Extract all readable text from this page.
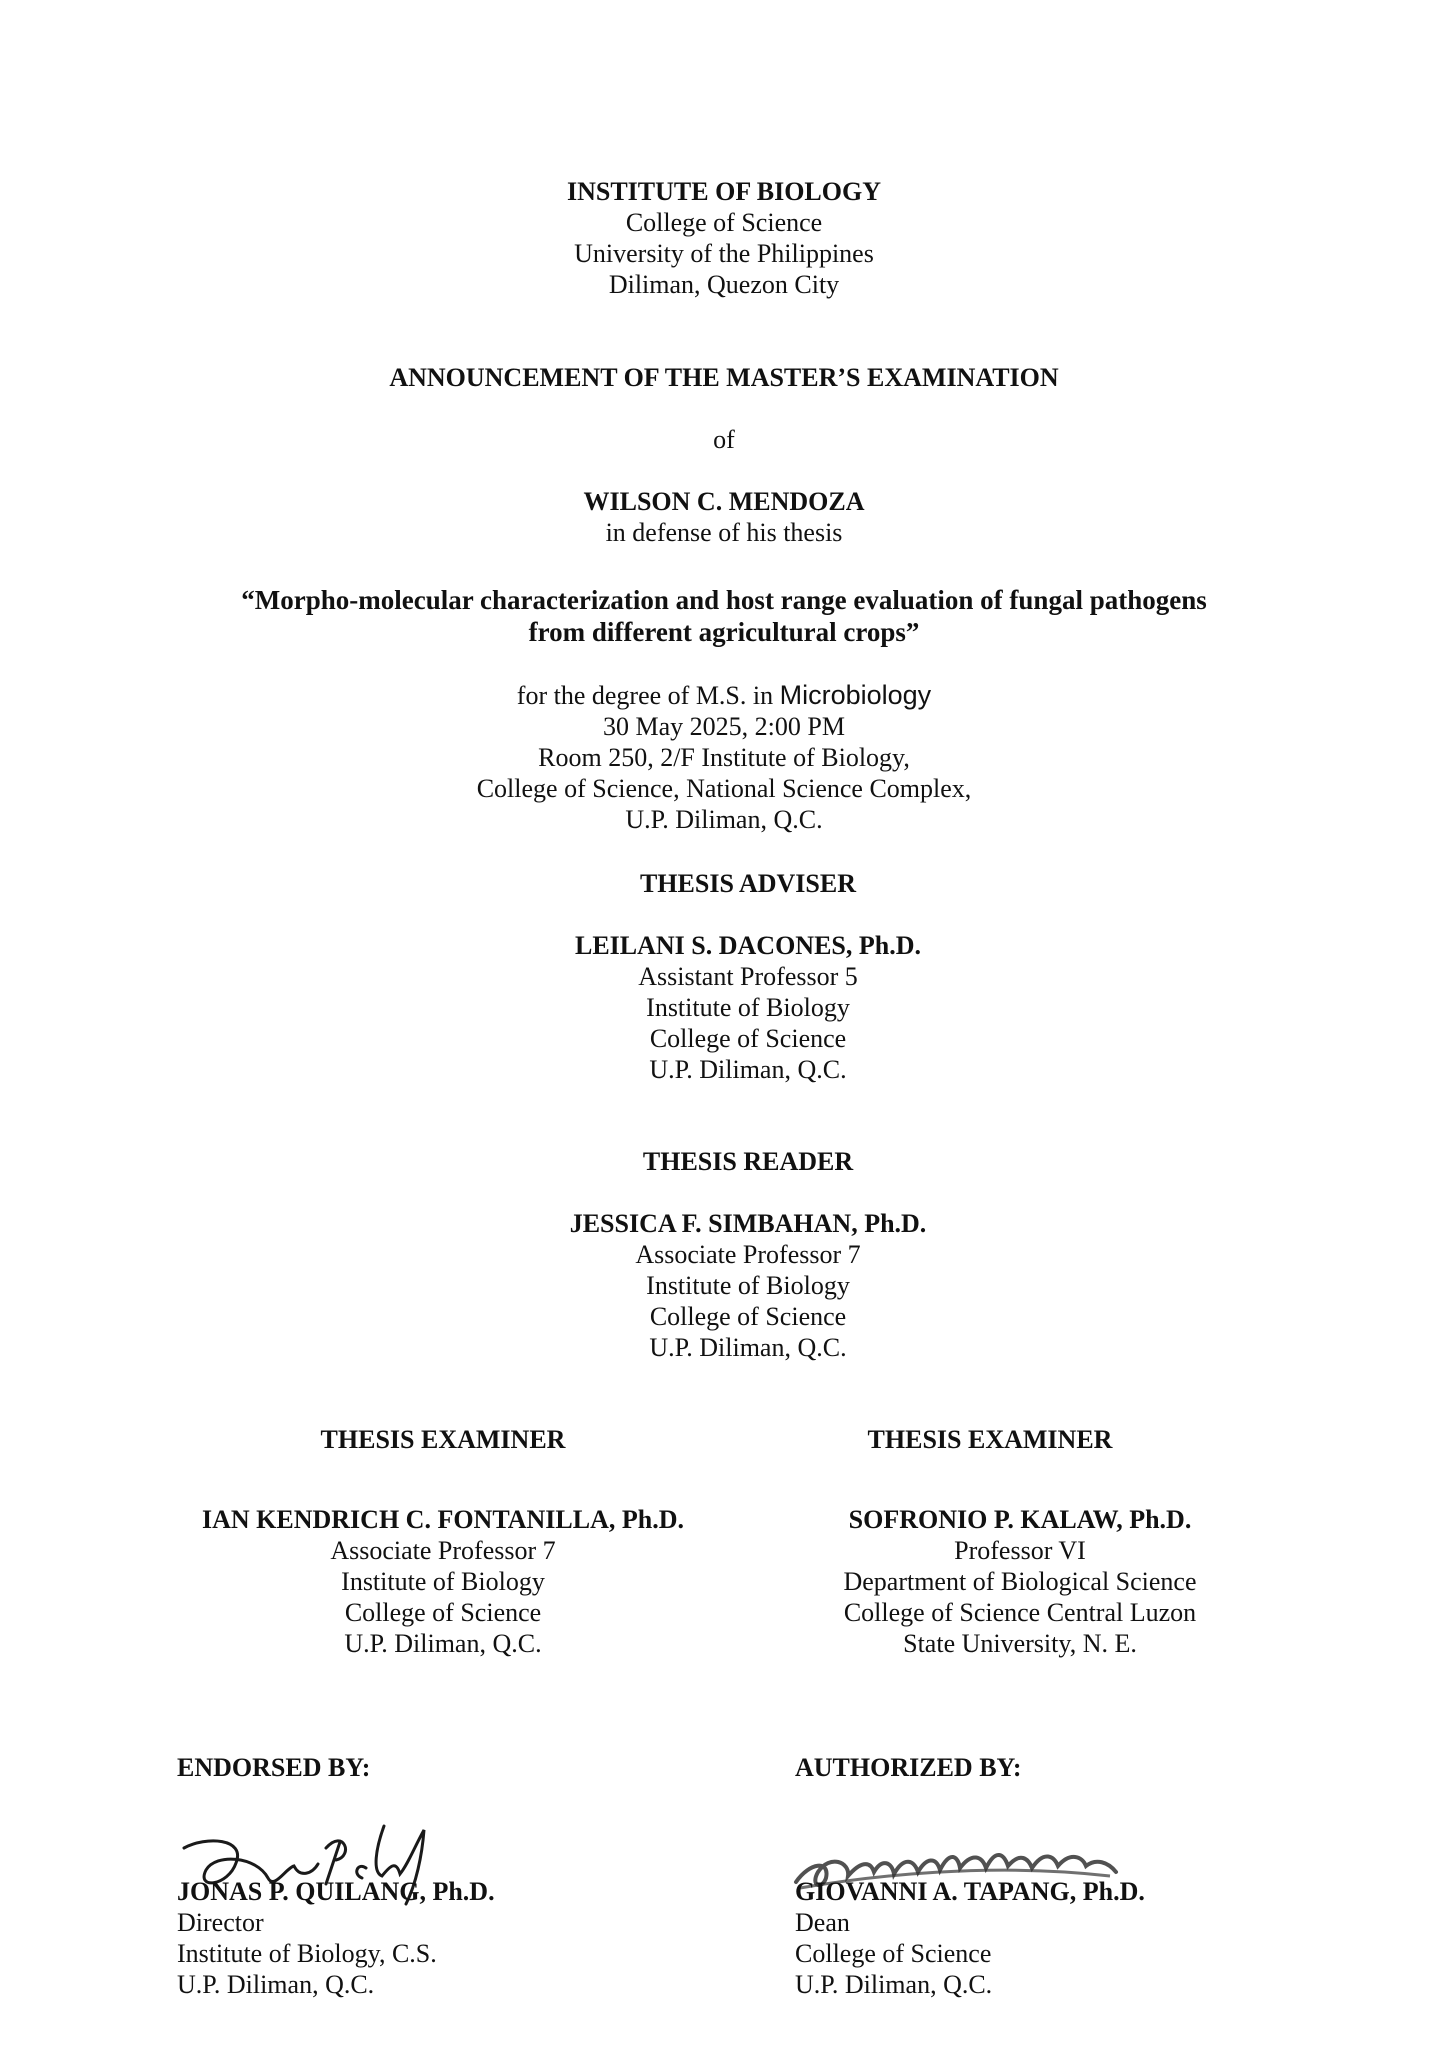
INSTITUTE OF BIOLOGY
College of Science
University of the Philippines
Diliman, Quezon City
ANNOUNCEMENT OF THE MASTER’S EXAMINATION
of
WILSON C. MENDOZA
in defense of his thesis
“Morpho-molecular characterization and host range evaluation of fungal pathogens
from different agricultural crops”
for the degree of M.S. in Microbiology
30 May 2025, 2:00 PM
Room 250, 2/F Institute of Biology,
College of Science, National Science Complex,
U.P. Diliman, Q.C.
THESIS ADVISER
LEILANI S. DACONES, Ph.D.
Assistant Professor 5
Institute of Biology
College of Science
U.P. Diliman, Q.C.
THESIS READER
JESSICA F. SIMBAHAN, Ph.D.
Associate Professor 7
Institute of Biology
College of Science
U.P. Diliman, Q.C.
THESIS EXAMINER
IAN KENDRICH C. FONTANILLA, Ph.D.
Associate Professor 7
Institute of Biology
College of Science
U.P. Diliman, Q.C.
THESIS EXAMINER
SOFRONIO P. KALAW, Ph.D.
Professor VI
Department of Biological Science
College of Science Central Luzon
State University, N. E.
ENDORSED BY:
JONAS P. QUILANG, Ph.D.
Director
Institute of Biology, C.S.
U.P. Diliman, Q.C.
AUTHORIZED BY:
GIOVANNI A. TAPANG, Ph.D.
Dean
College of Science
U.P. Diliman, Q.C.
